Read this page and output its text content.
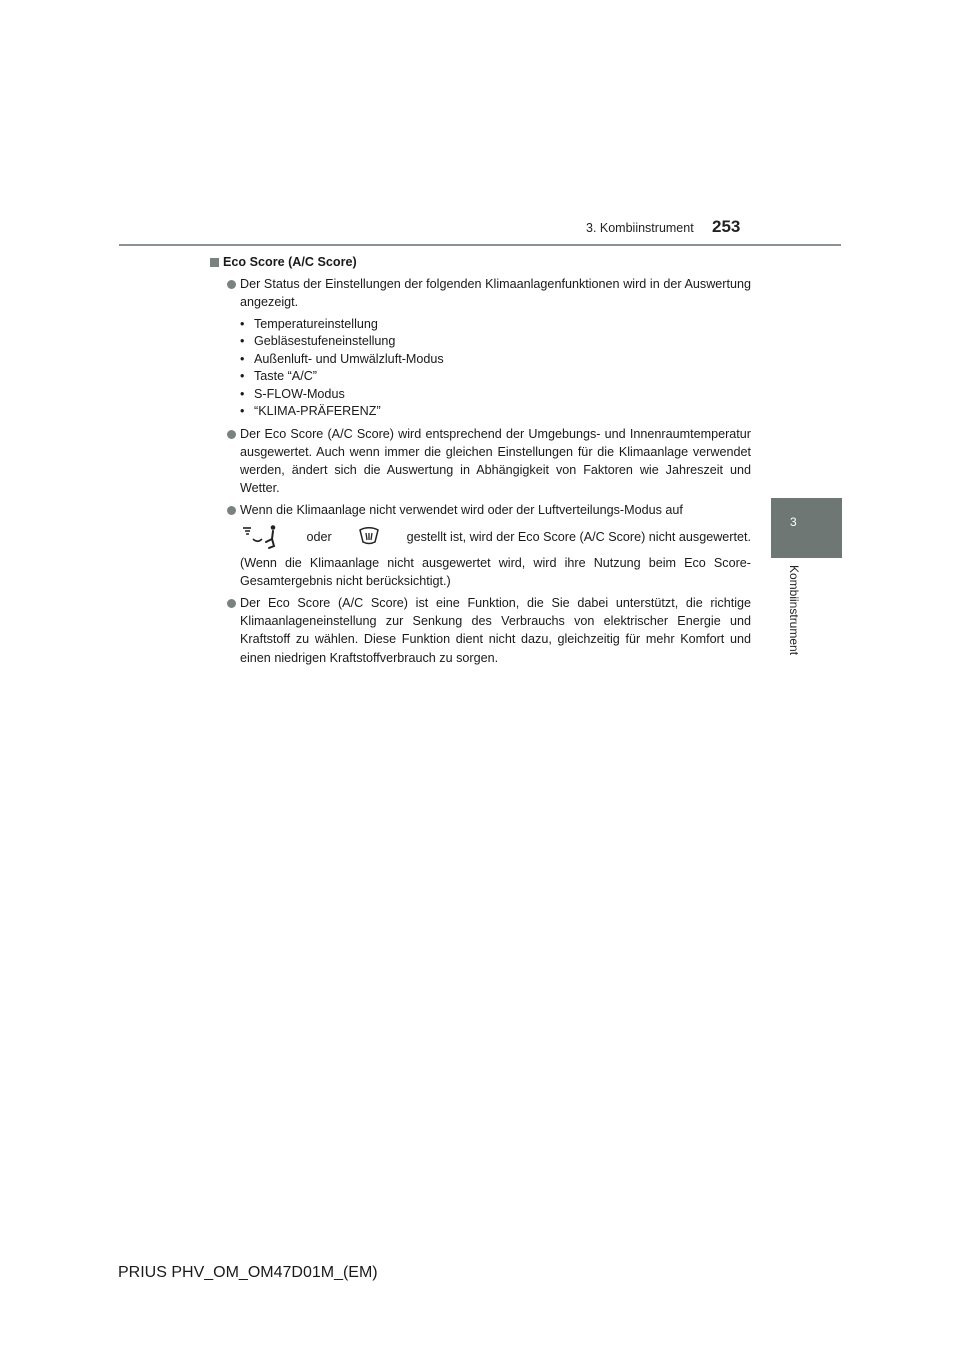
3. Kombiinstrument 253
3
Kombiinstrument
Eco Score (A/C Score)
Der Status der Einstellungen der folgenden Klimaanlagenfunktionen wird in der Auswertung angezeigt.
• Temperatureinstellung
• Gebläsestufeneinstellung
• Außenluft- und Umwälzluft-Modus
• Taste “A/C”
• S-FLOW-Modus
• “KLIMA-PRÄFERENZ”
Der Eco Score (A/C Score) wird entsprechend der Umgebungs- und Innenraumtemperatur ausgewertet. Auch wenn immer die gleichen Einstellungen für die Klimaanlage verwendet werden, ändert sich die Auswertung in Abhängigkeit von Faktoren wie Jahreszeit und Wetter.
Wenn die Klimaanlage nicht verwendet wird oder der Luftverteilungs-Modus auf
oder	gestellt ist, wird der Eco Score (A/C Score) nicht ausgewertet.
(Wenn die Klimaanlage nicht ausgewertet wird, wird ihre Nutzung beim Eco Score-Gesamtergebnis nicht berücksichtigt.)
Der Eco Score (A/C Score) ist eine Funktion, die Sie dabei unterstützt, die richtige Klimaanlageneinstellung zur Senkung des Verbrauchs von elektrischer Energie und Kraftstoff zu wählen. Diese Funktion dient nicht dazu, gleichzeitig für mehr Komfort und einen niedrigen Kraftstoffverbrauch zu sorgen.
PRIUS PHV_OM_OM47D01M_(EM)
